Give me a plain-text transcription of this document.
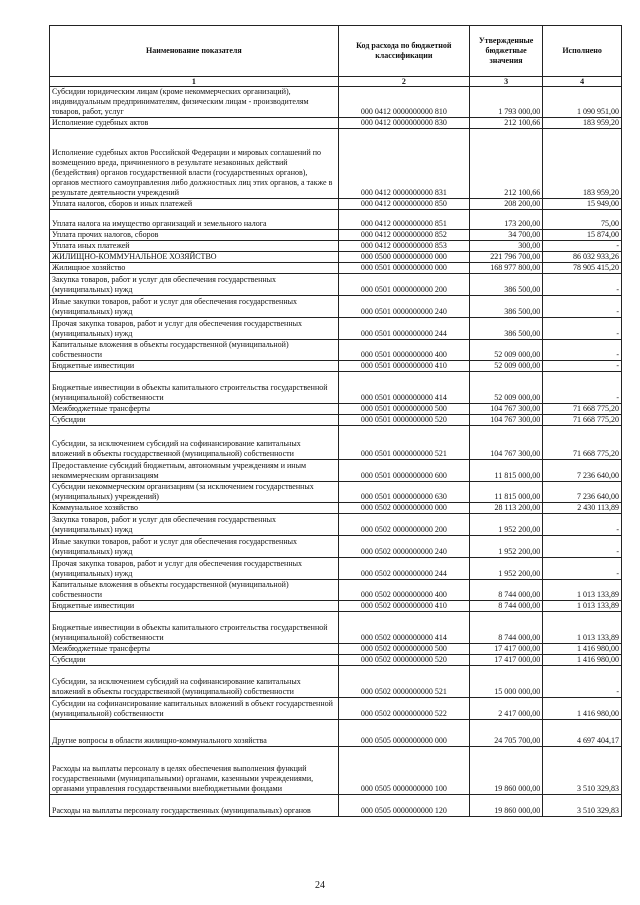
Наименование показателя	Код расхода по бюджетной классификации	Утвержденные бюджетные значения	Исполнено
1	2	3	4
Субсидии юридическим лицам (кроме некоммерческих организаций), индивидуальным предпринимателям, физическим лицам - производителям товаров, работ, услуг	000 0412 0000000000 810	1 793 000,00	1 090 951,00
Исполнение судебных актов	000 0412 0000000000 830	212 100,66	183 959,20
Исполнение судебных актов Российской Федерации и мировых соглашений по возмещению вреда, причиненного в результате незаконных действий (бездействия) органов государственной власти (государственных органов), органов местного самоуправления либо должностных лиц этих органов, а также в результате деятельности учреждений	000 0412 0000000000 831	212 100,66	183 959,20
Уплата налогов, сборов и иных платежей	000 0412 0000000000 850	208 200,00	15 949,00
Уплата налога на имущество организаций и земельного налога	000 0412 0000000000 851	173 200,00	75,00
Уплата прочих налогов, сборов	000 0412 0000000000 852	34 700,00	15 874,00
Уплата иных платежей	000 0412 0000000000 853	300,00	-
ЖИЛИЩНО-КОММУНАЛЬНОЕ ХОЗЯЙСТВО	000 0500 0000000000 000	221 796 700,00	86 032 933,26
Жилищное хозяйство	000 0501 0000000000 000	168 977 800,00	78 905 415,20
Закупка товаров, работ и услуг для обеспечения государственных (муниципальных) нужд	000 0501 0000000000 200	386 500,00	-
Иные закупки товаров, работ и услуг для обеспечения государственных (муниципальных) нужд	000 0501 0000000000 240	386 500,00	-
Прочая закупка товаров, работ и услуг для обеспечения государственных (муниципальных) нужд	000 0501 0000000000 244	386 500,00	-
Капитальные вложения в объекты государственной (муниципальной) собственности	000 0501 0000000000 400	52 009 000,00	-
Бюджетные инвестиции	000 0501 0000000000 410	52 009 000,00	-
Бюджетные инвестиции в объекты капитального строительства государственной (муниципальной) собственности	000 0501 0000000000 414	52 009 000,00	-
Межбюджетные трансферты	000 0501 0000000000 500	104 767 300,00	71 668 775,20
Субсидии	000 0501 0000000000 520	104 767 300,00	71 668 775,20
Субсидии, за исключением субсидий на софинансирование капитальных вложений в объекты государственной (муниципальной) собственности	000 0501 0000000000 521	104 767 300,00	71 668 775,20
Предоставление субсидий бюджетным, автономным учреждениям и иным некоммерческим организациям	000 0501 0000000000 600	11 815 000,00	7 236 640,00
Субсидии некоммерческим организациям (за исключением государственных (муниципальных) учреждений)	000 0501 0000000000 630	11 815 000,00	7 236 640,00
Коммунальное хозяйство	000 0502 0000000000 000	28 113 200,00	2 430 113,89
Закупка товаров, работ и услуг для обеспечения государственных (муниципальных) нужд	000 0502 0000000000 200	1 952 200,00	-
Иные закупки товаров, работ и услуг для обеспечения государственных (муниципальных) нужд	000 0502 0000000000 240	1 952 200,00	-
Прочая закупка товаров, работ и услуг для обеспечения государственных (муниципальных) нужд	000 0502 0000000000 244	1 952 200,00	-
Капитальные вложения в объекты государственной (муниципальной) собственности	000 0502 0000000000 400	8 744 000,00	1 013 133,89
Бюджетные инвестиции	000 0502 0000000000 410	8 744 000,00	1 013 133,89
Бюджетные инвестиции в объекты капитального строительства государственной (муниципальной) собственности	000 0502 0000000000 414	8 744 000,00	1 013 133,89
Межбюджетные трансферты	000 0502 0000000000 500	17 417 000,00	1 416 980,00
Субсидии	000 0502 0000000000 520	17 417 000,00	1 416 980,00
Субсидии, за исключением субсидий на софинансирование капитальных вложений в объекты государственной (муниципальной) собственности	000 0502 0000000000 521	15 000 000,00	-
Субсидии на софинансирование капитальных вложений в объект государственной (муниципальной) собственности	000 0502 0000000000 522	2 417 000,00	1 416 980,00
Другие вопросы в области жилищно-коммунального хозяйства	000 0505 0000000000 000	24 705 700,00	4 697 404,17
Расходы на выплаты персоналу в целях обеспечения выполнения функций государственными (муниципальными) органами, казенными учреждениями, органами управления государственными внебюджетными фондами	000 0505 0000000000 100	19 860 000,00	3 510 329,83
Расходы на выплаты персоналу государственных (муниципальных) органов	000 0505 0000000000 120	19 860 000,00	3 510 329,83
24
